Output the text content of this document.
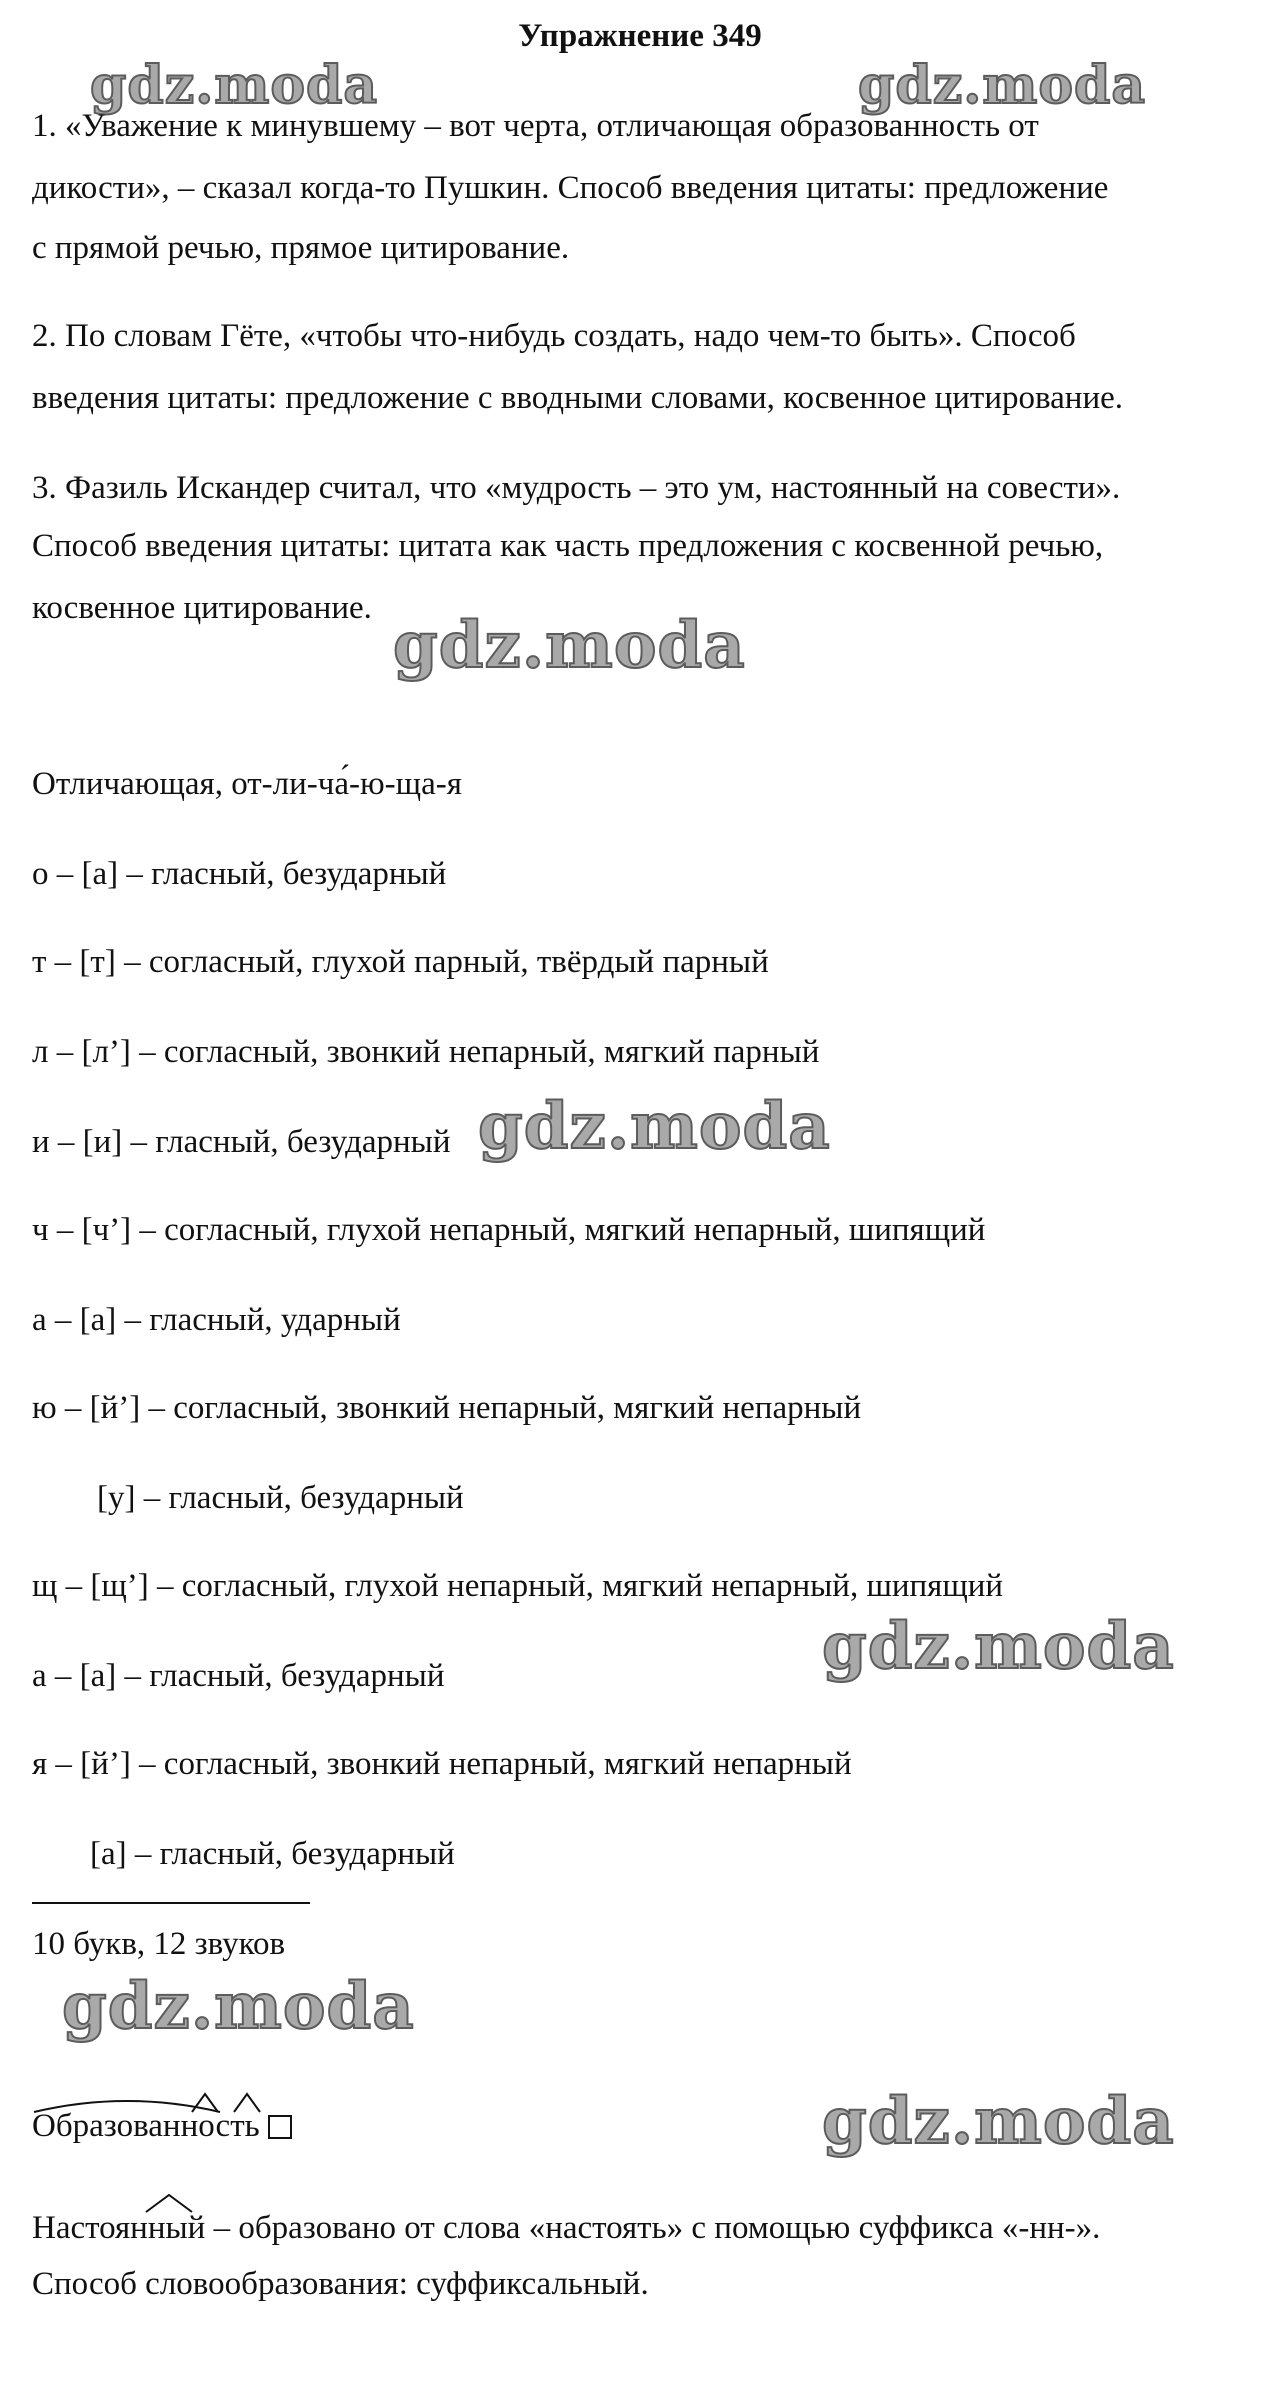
Упражнение 349
gdz.moda	gdz.moda
gdz.moda
gdz.moda
gdz.moda
gdz.moda
gdz.moda
1. «Уважение к минувшему – вот черта, отличающая образованность от
дикости», – сказал когда-то Пушкин. Способ введения цитаты: предложение
с прямой речью, прямое цитирование.
2. По словам Гёте, «чтобы что-нибудь создать, надо чем-то быть». Способ
введения цитаты: предложение с вводными словами, косвенное цитирование.
3. Фазиль Искандер считал, что «мудрость – это ум, настоянный на совести».
Способ введения цитаты: цитата как часть предложения с косвенной речью,
косвенное цитирование.
Отличающая, от-ли-ча́-ю-ща-я
о – [а] – гласный, безударный
т – [т] – согласный, глухой парный, твёрдый парный
л – [л’] – согласный, звонкий непарный, мягкий парный
и – [и] – гласный, безударный
ч – [ч’] – согласный, глухой непарный, мягкий непарный, шипящий
а – [а] – гласный, ударный
ю – [й’] – согласный, звонкий непарный, мягкий непарный
[у] – гласный, безударный
щ – [щ’] – согласный, глухой непарный, мягкий непарный, шипящий
а – [а] – гласный, безударный
я – [й’] – согласный, звонкий непарный, мягкий непарный
[а] – гласный, безударный
10 букв, 12 звуков
Образованность
Настоянный – образовано от слова «настоять» с помощью суффикса «-нн-».
Способ словообразования: суффиксальный.
